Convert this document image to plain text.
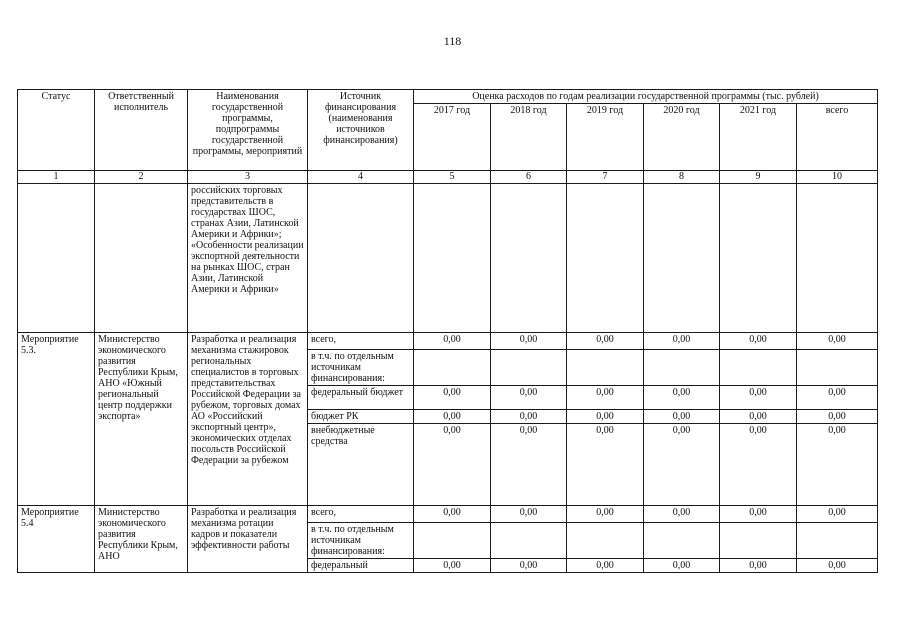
118
Статус	Ответственный исполнитель	Наименования государственной программы, подпрограммы государственной программы, мероприятий	Источник финансирования (наименования источников финансирования)	Оценка расходов по годам реализации государственной программы (тыс. рублей)					
				2017 год	2018 год	2019 год	2020 год	2021 год	всего
1	2	3	4	5	6	7	8	9	10
		российских торговых представительств в государствах ШОС, странах Азии, Латинской Америки и Африки»; «Особенности реализации экспортной деятельности на рынках ШОС, стран Азии, Латинской Америки и Африки»							
Мероприятие 5.3.	Министерство экономического развития Республики Крым, АНО «Южный региональный центр поддержки экспорта»	Разработка и реализация механизма стажировок региональных специалистов в торговых представительствах Российской Федерации за рубежом, торговых домах АО «Российский экспортный центр», экономических отделах посольств Российской Федерации за рубежом	всего,	0,00	0,00	0,00	0,00	0,00	0,00
			в т.ч. по отдельным источникам финансирования:						
			федеральный бюджет	0,00	0,00	0,00	0,00	0,00	0,00
			бюджет РК	0,00	0,00	0,00	0,00	0,00	0,00
			внебюджетные средства	0,00	0,00	0,00	0,00	0,00	0,00
Мероприятие 5.4	Министерство экономического развития Республики Крым, АНО	Разработка и реализация механизма ротации кадров и показатели эффективности работы	всего,	0,00	0,00	0,00	0,00	0,00	0,00
			в т.ч. по отдельным источникам финансирования:						
			федеральный	0,00	0,00	0,00	0,00	0,00	0,00
